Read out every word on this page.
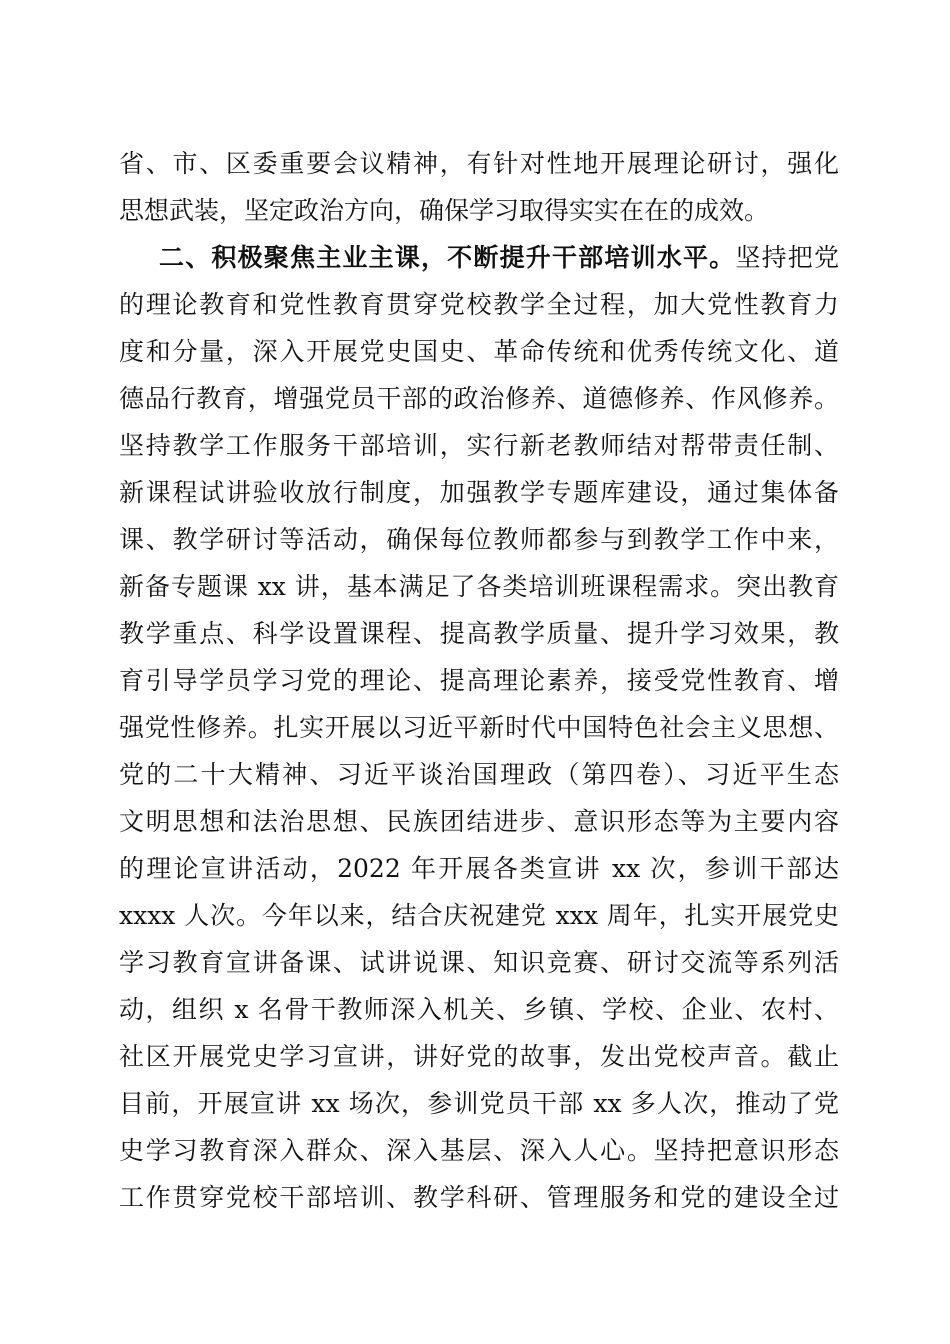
省、市、区委重要会议精神，有针对性地开展理论研讨，强化
思想武装，坚定政治方向，确保学习取得实实在在的成效。
二、积极聚焦主业主课，不断提升干部培训水平。坚持把党
的理论教育和党性教育贯穿党校教学全过程，加大党性教育力
度和分量，深入开展党史国史、革命传统和优秀传统文化、道
德品行教育，增强党员干部的政治修养、道德修养、作风修养。
坚持教学工作服务干部培训，实行新老教师结对帮带责任制、
新课程试讲验收放行制度，加强教学专题库建设，通过集体备
课、教学研讨等活动，确保每位教师都参与到教学工作中来，
新备专题课 xx 讲，基本满足了各类培训班课程需求。突出教育
教学重点、科学设置课程、提高教学质量、提升学习效果，教
育引导学员学习党的理论、提高理论素养，接受党性教育、增
强党性修养。扎实开展以习近平新时代中国特色社会主义思想、
党的二十大精神、习近平谈治国理政（第四卷）、习近平生态
文明思想和法治思想、民族团结进步、意识形态等为主要内容
的理论宣讲活动，2022 年开展各类宣讲 xx 次，参训干部达
xxxx 人次。今年以来，结合庆祝建党 xxx 周年，扎实开展党史
学习教育宣讲备课、试讲说课、知识竞赛、研讨交流等系列活
动，组织 x 名骨干教师深入机关、乡镇、学校、企业、农村、
社区开展党史学习宣讲，讲好党的故事，发出党校声音。截止
目前，开展宣讲 xx 场次，参训党员干部 xx 多人次，推动了党
史学习教育深入群众、深入基层、深入人心。坚持把意识形态
工作贯穿党校干部培训、教学科研、管理服务和党的建设全过
